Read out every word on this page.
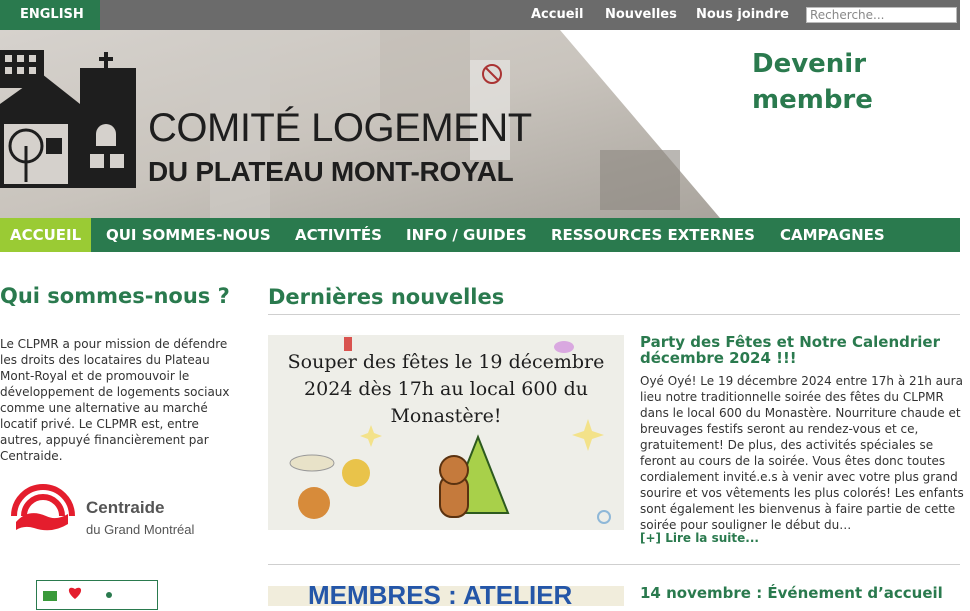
ENGLISH	Accueil Nouvelles Nous joindre	Recherche...
COMITÉ LOGEMENT
DU PLATEAU MONT-ROYAL
Devenir membre
ACCUEIL	QUI SOMMES-NOUS	ACTIVITÉS	INFO / GUIDES	RESSOURCES EXTERNES	CAMPAGNES
Qui sommes-nous ?
Le CLPMR a pour mission de défendre les droits des locataires du Plateau Mont-Royal et de promouvoir le développement de logements sociaux comme une alternative au marché locatif privé. Le CLPMR est, entre autres, appuyé financièrement par Centraide.
Centraide
du Grand Montréal
Dernières nouvelles
Souper des fêtes le 19 décembre 2024 dès 17h au local 600 du Monastère!
Party des Fêtes et Notre Calendrier décembre 2024 !!!
Oyé Oyé! Le 19 décembre 2024 entre 17h à 21h aura lieu notre traditionnelle soirée des fêtes du CLPMR dans le local 600 du Monastère. Nourriture chaude et breuvages festifs seront au rendez-vous et ce, gratuitement! De plus, des activités spéciales se feront au cours de la soirée. Vous êtes donc toutes cordialement invité.e.s à venir avec votre plus grand sourire et vos vêtements les plus colorés! Les enfants sont également les bienvenus à faire partie de cette soirée pour souligner le début du…
[+] Lire la suite...
MEMBRES : ATELIER	14 novembre : Événement d’accueil
